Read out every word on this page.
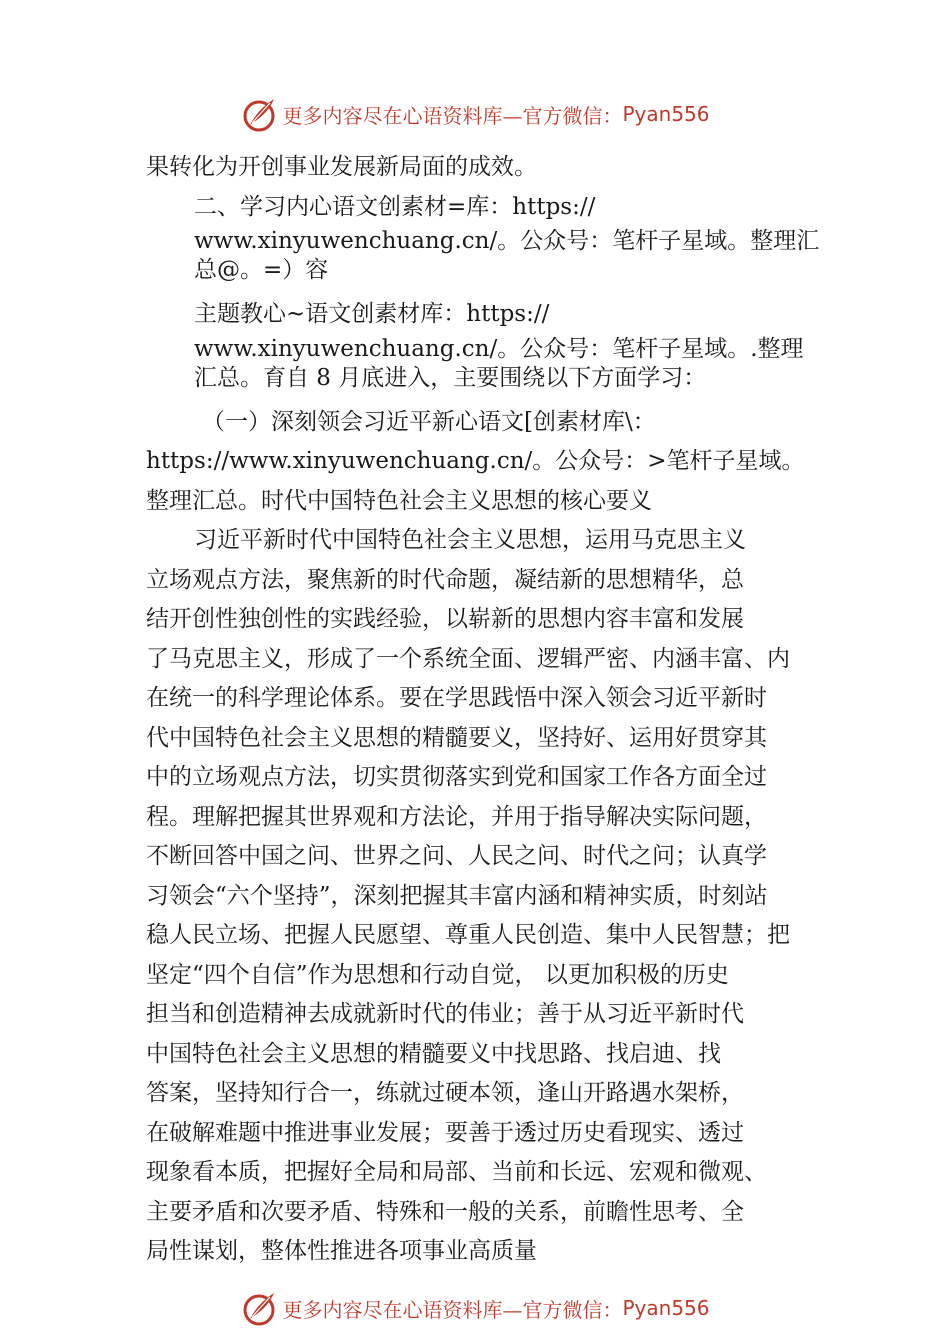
更多内容尽在心语资料库—官方微信： Pyan556
果转化为开创事业发展新局面的成效。
二、学习内心语文创素材=库：https://
www.xinyuwenchuang.cn/。公众号：笔杆子星域。整理汇
总@。=）容
主题教心~语文创素材库：https://
www.xinyuwenchuang.cn/。公众号：笔杆子星域。.整理
汇总。育自 8 月底进入，主要围绕以下方面学习：
（一）深刻领会习近平新心语文[创素材库\：
https://www.xinyuwenchuang.cn/。公众号：>笔杆子星域。
整理汇总。时代中国特色社会主义思想的核心要义
习近平新时代中国特色社会主义思想，运用马克思主义
立场观点方法，聚焦新的时代命题，凝结新的思想精华，总
结开创性独创性的实践经验，以崭新的思想内容丰富和发展
了马克思主义，形成了一个系统全面、逻辑严密、内涵丰富、内
在统一的科学理论体系。要在学思践悟中深入领会习近平新时
代中国特色社会主义思想的精髓要义，坚持好、运用好贯穿其
中的立场观点方法，切实贯彻落实到党和国家工作各方面全过
程。理解把握其世界观和方法论，并用于指导解决实际问题，
不断回答中国之问、世界之问、人民之问、时代之问；认真学
习领会“六个坚持”，深刻把握其丰富内涵和精神实质，时刻站
稳人民立场、把握人民愿望、尊重人民创造、集中人民智慧；把
坚定“四个自信”作为思想和行动自觉， 以更加积极的历史
担当和创造精神去成就新时代的伟业；善于从习近平新时代
中国特色社会主义思想的精髓要义中找思路、找启迪、找
答案，坚持知行合一，练就过硬本领，逢山开路遇水架桥，
在破解难题中推进事业发展；要善于透过历史看现实、透过
现象看本质，把握好全局和局部、当前和长远、宏观和微观、
主要矛盾和次要矛盾、特殊和一般的关系，前瞻性思考、全
局性谋划，整体性推进各项事业高质量
更多内容尽在心语资料库—官方微信： Pyan556
